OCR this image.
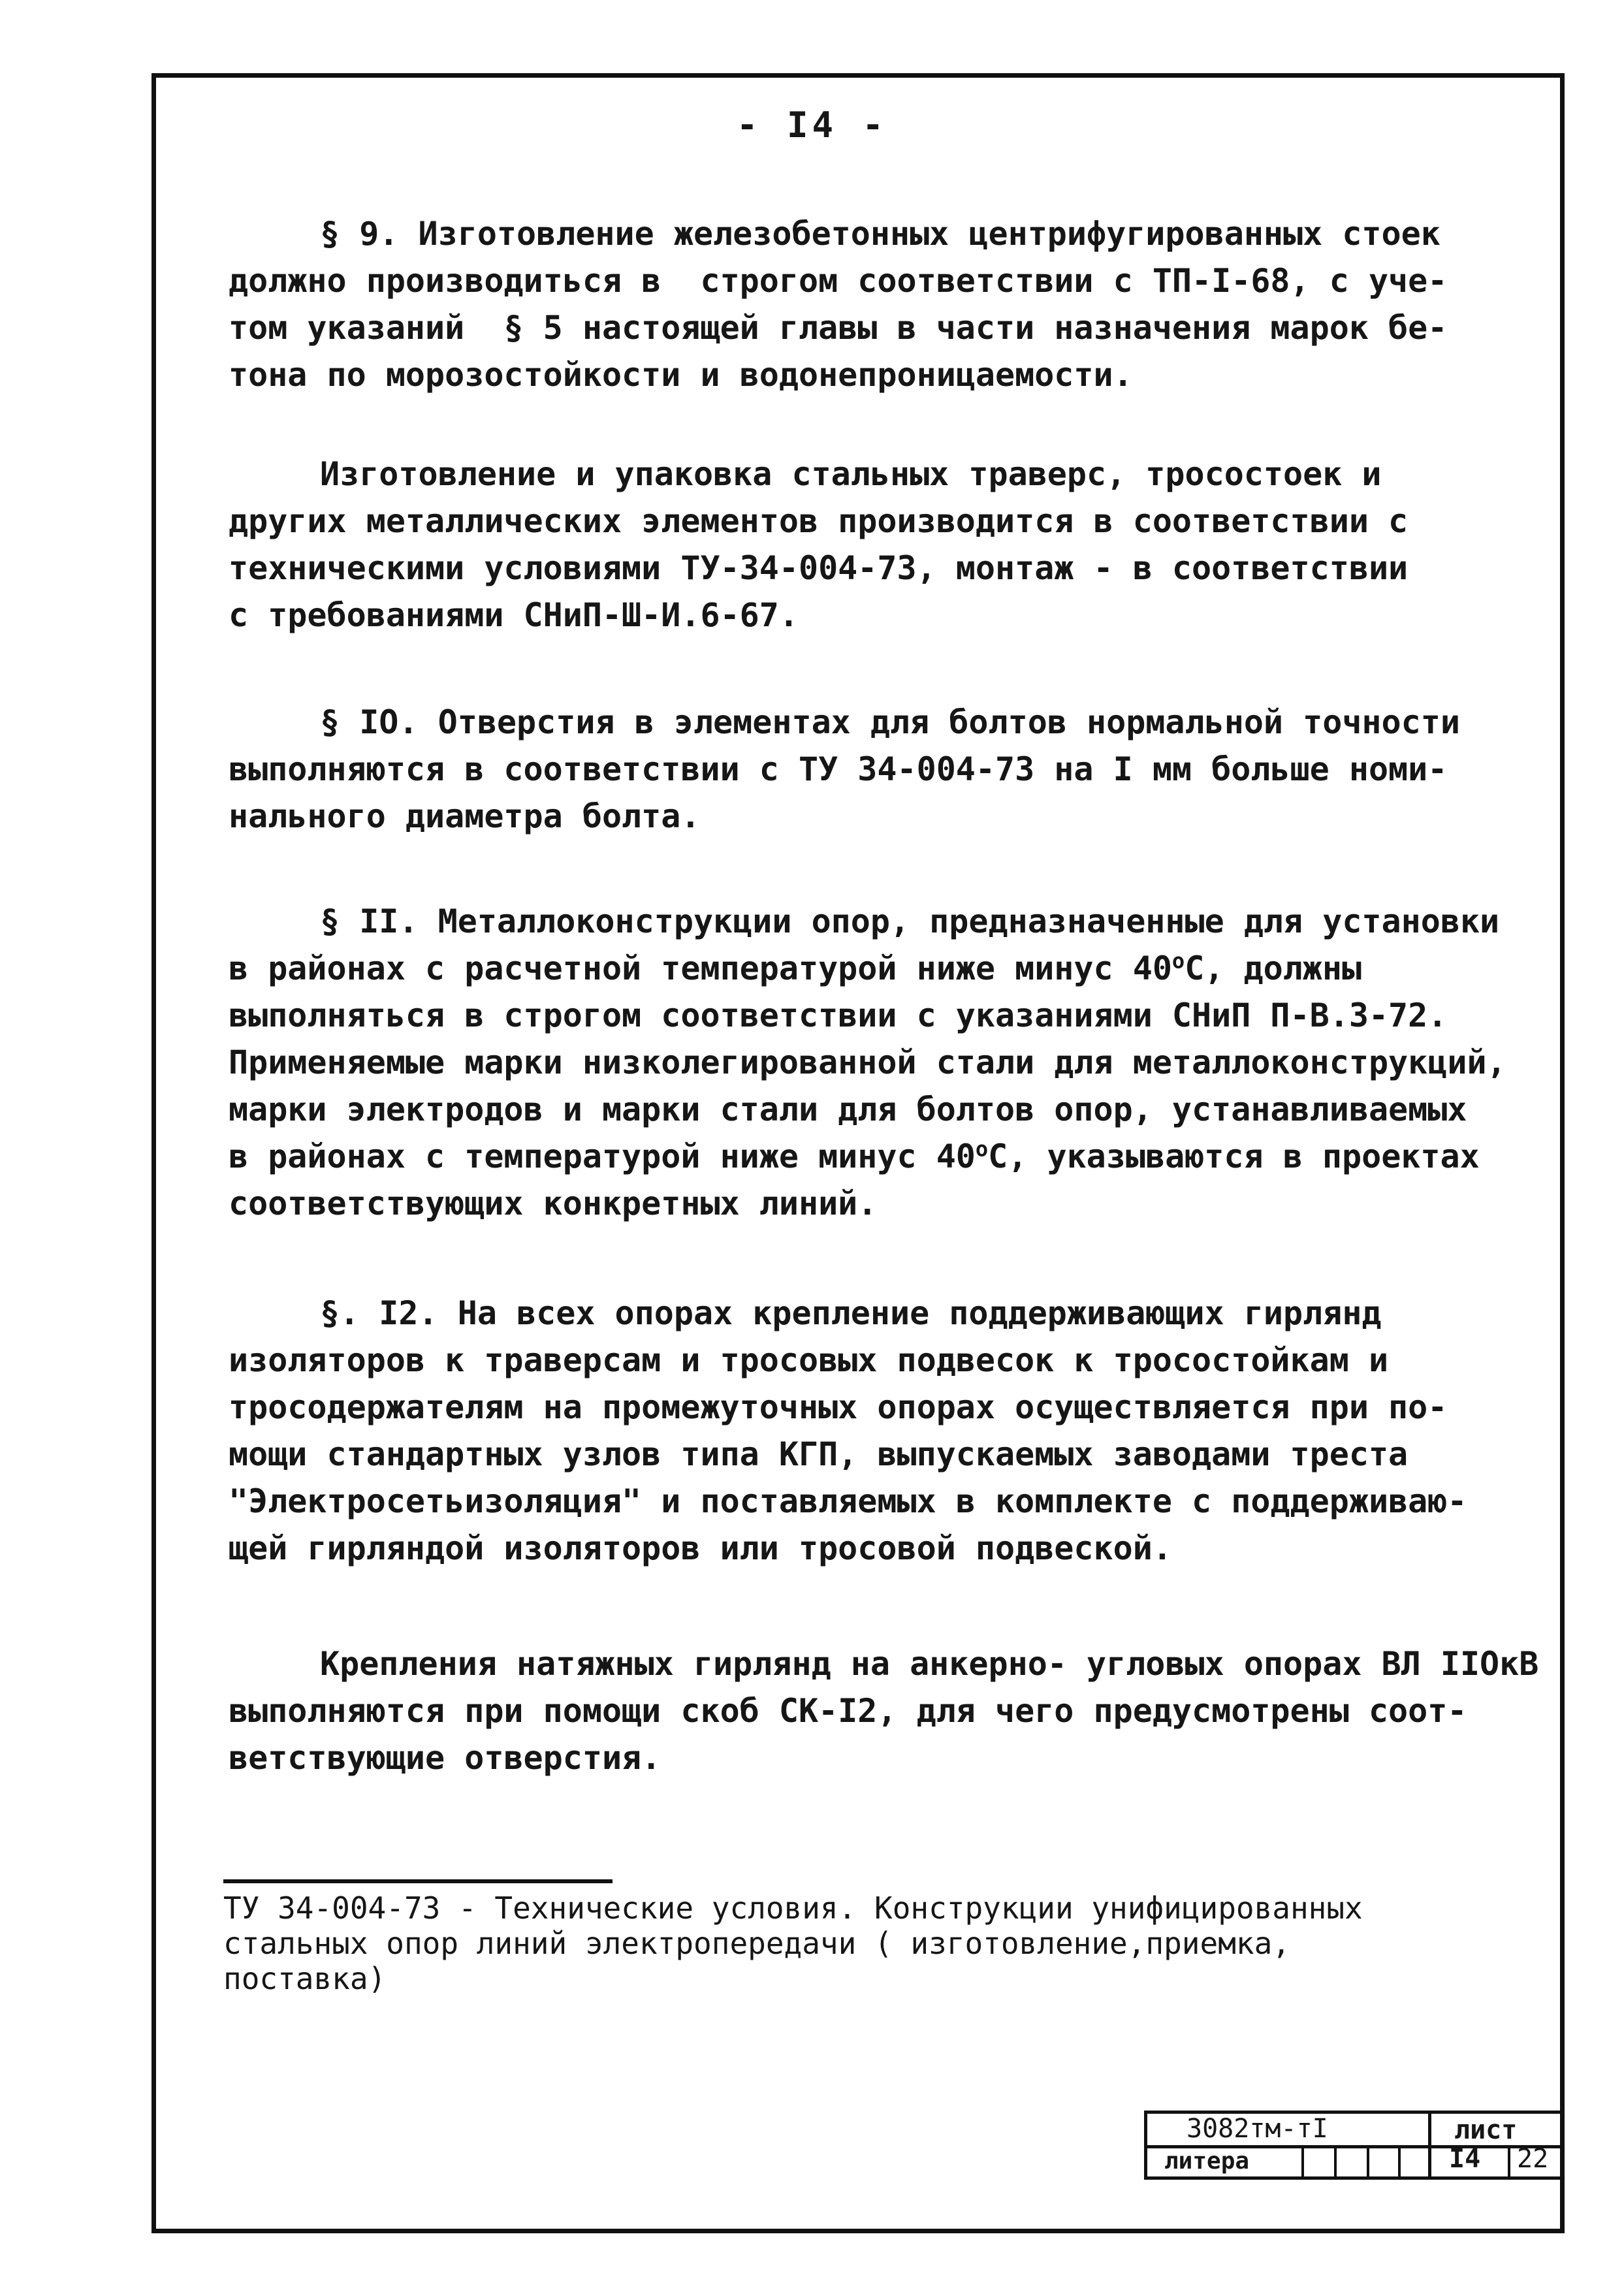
- I4 -
§ 9. Изготовление железобетонных центрифугированных стоек
должно производиться в  строгом соответствии с ТП-I-68, с уче-
том указаний  § 5 настоящей главы в части назначения марок бе-
тона по морозостойкости и водонепроницаемости.
Изготовление и упаковка стальных траверс, тросостоек и
других металлических элементов производится в соответствии с
техническими условиями ТУ-34-004-73, монтаж - в соответствии
с требованиями СНиП-Ш-И.6-67.
§ IO. Отверстия в элементах для болтов нормальной точности
выполняются в соответствии с ТУ 34-004-73 на I мм больше номи-
нального диаметра болта.
§ II. Металлоконструкции опор, предназначенные для установки
в районах с расчетной температурой ниже минус $40^оС$, должны
выполняться в строгом соответствии с указаниями СНиП П-В.3-72.
Применяемые марки низколегированной стали для металлоконструкций,
марки электродов и марки стали для болтов опор, устанавливаемых
в районах с температурой ниже минус $40^оС$, указываются в проектах
соответствующих конкретных линий.
§. I2. На всех опорах крепление поддерживающих гирлянд
изоляторов к траверсам и тросовых подвесок к тросостойкам и
тросодержателям на промежуточных опорах осуществляется при по-
мощи стандартных узлов типа КГП, выпускаемых заводами треста
"Электросетьизоляция" и поставляемых в комплекте с поддерживаю-
щей гирляндой изоляторов или тросовой подвеской.
Крепления натяжных гирлянд на анкерно- угловых опорах ВЛ IIOкВ
выполняются при помощи скоб СК-I2, для чего предусмотрены соот-
ветствующие отверстия.
ТУ 34-004-73 - Технические условия. Конструкции унифицированных
стальных опор линий электропередачи ( изготовление,приемка,
поставка)
3082тм-тI	лист
литера	I4 22
